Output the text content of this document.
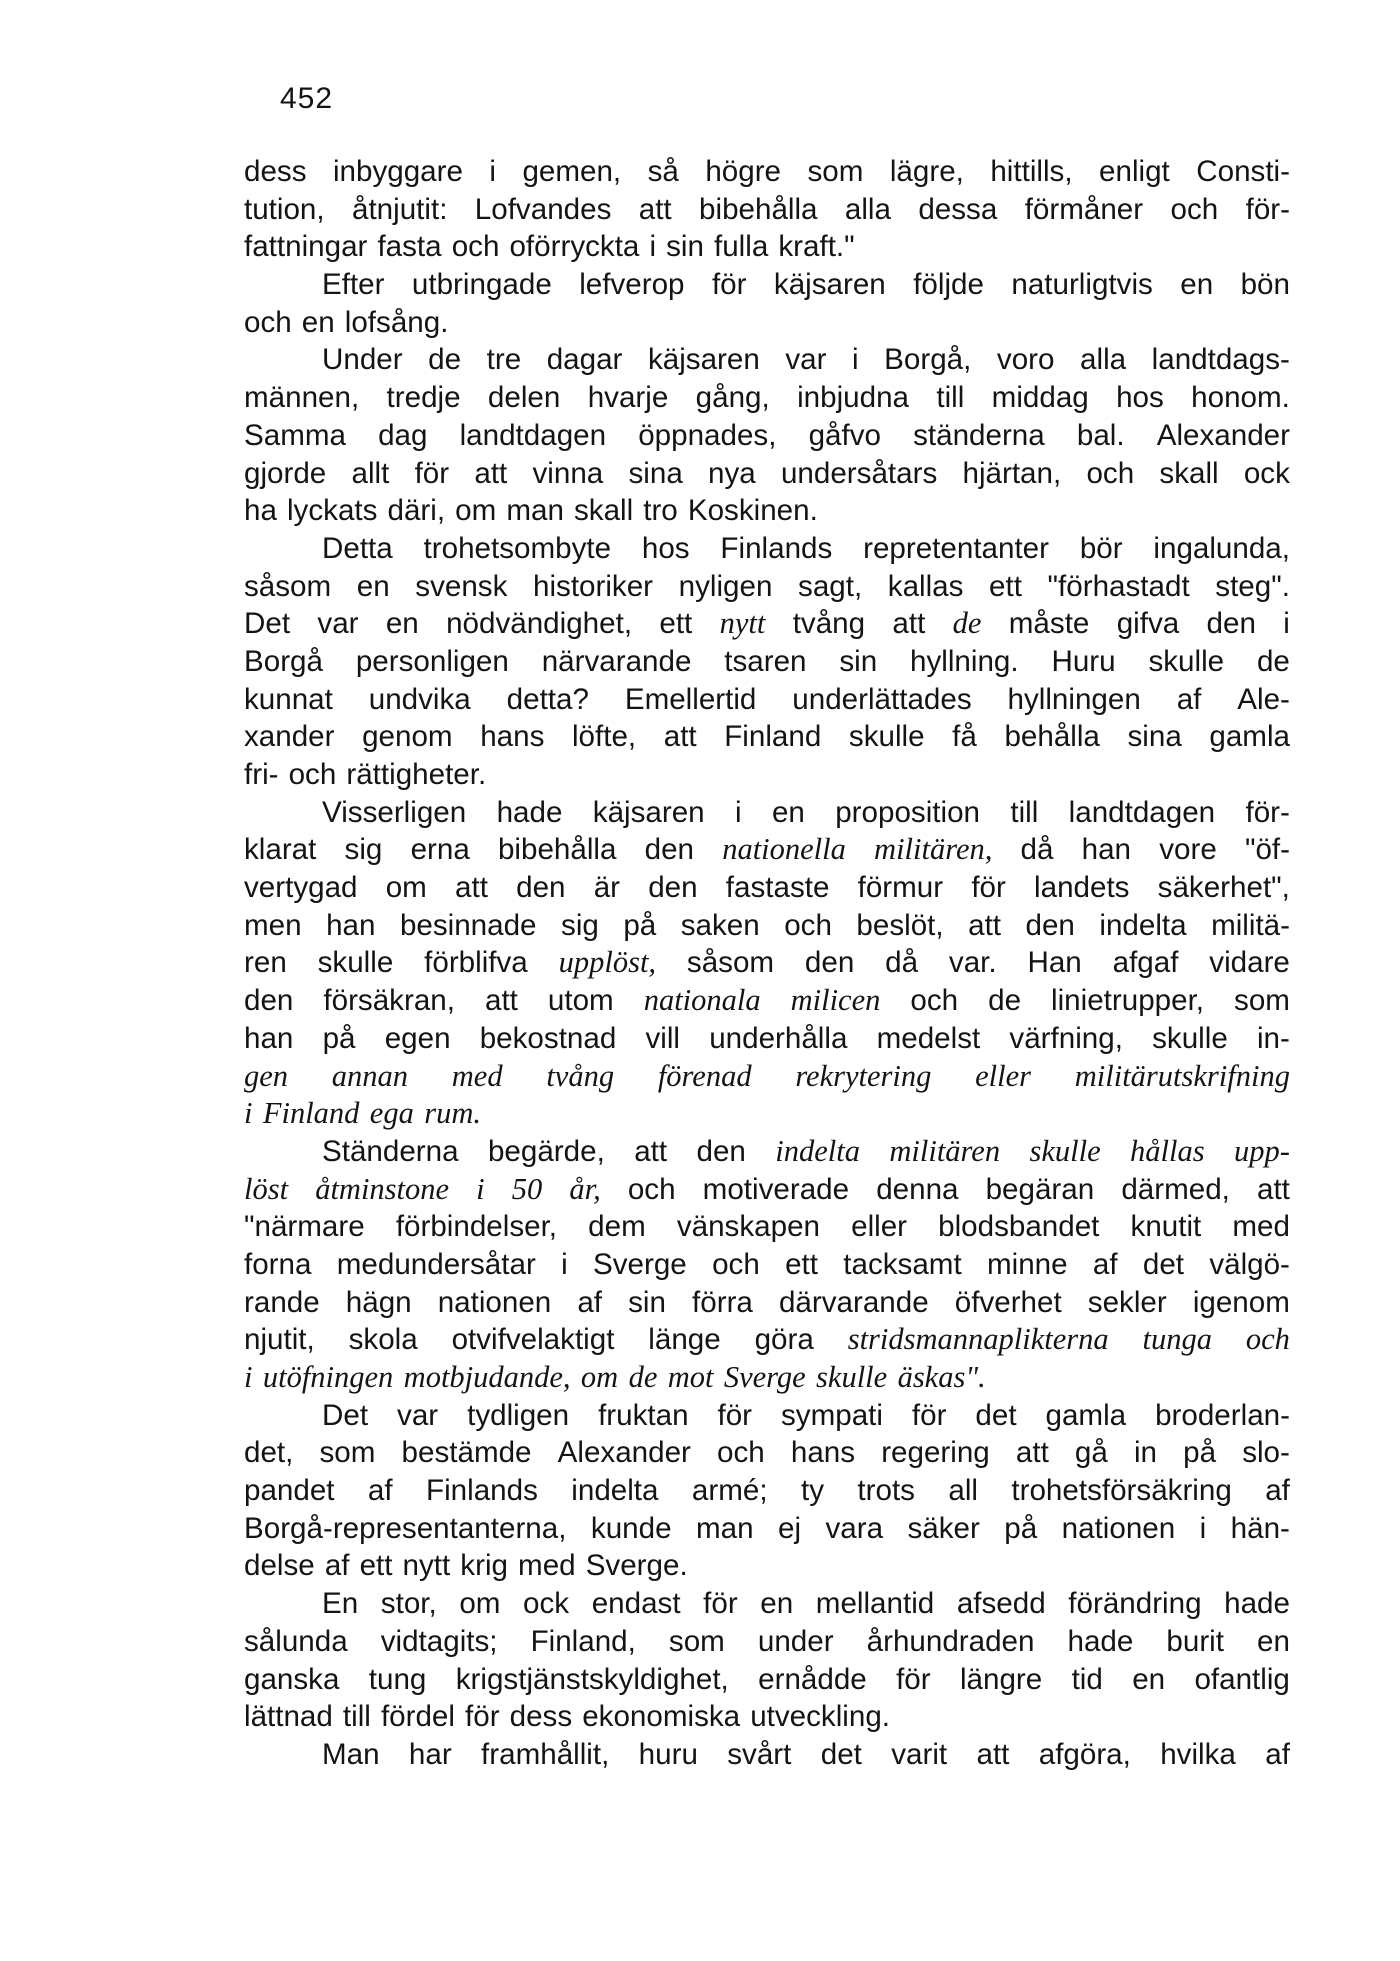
452
dess inbyggare i gemen, så högre som lägre, hittills, enligt Consti-
tution, åtnjutit: Lofvandes att bibehålla alla dessa förmåner och för-
fattningar fasta och oförryckta i sin fulla kraft."
Efter utbringade lefverop för käjsaren följde naturligtvis en bön
och en lofsång.
Under de tre dagar käjsaren var i Borgå, voro alla landtdags-
männen, tredje delen hvarje gång, inbjudna till middag hos honom.
Samma dag landtdagen öppnades, gåfvo ständerna bal. Alexander
gjorde allt för att vinna sina nya undersåtars hjärtan, och skall ock
ha lyckats däri, om man skall tro Koskinen.
Detta trohetsombyte hos Finlands repretentanter bör ingalunda,
såsom en svensk historiker nyligen sagt, kallas ett "förhastadt steg".
Det var en nödvändighet, ett nytt tvång att de måste gifva den i
Borgå personligen närvarande tsaren sin hyllning. Huru skulle de
kunnat undvika detta? Emellertid underlättades hyllningen af Ale-
xander genom hans löfte, att Finland skulle få behålla sina gamla
fri- och rättigheter.
Visserligen hade käjsaren i en proposition till landtdagen för-
klarat sig erna bibehålla den nationella militären, då han vore "öf-
vertygad om att den är den fastaste förmur för landets säkerhet",
men han besinnade sig på saken och beslöt, att den indelta militä-
ren skulle förblifva upplöst, såsom den då var. Han afgaf vidare
den försäkran, att utom nationala milicen och de linietrupper, som
han på egen bekostnad vill underhålla medelst värfning, skulle in-
gen annan med tvång förenad rekrytering eller militärutskrifning
i Finland ega rum.
Ständerna begärde, att den indelta militären skulle hållas upp-
löst åtminstone i 50 år, och motiverade denna begäran därmed, att
"närmare förbindelser, dem vänskapen eller blodsbandet knutit med
forna medundersåtar i Sverge och ett tacksamt minne af det välgö-
rande hägn nationen af sin förra därvarande öfverhet sekler igenom
njutit, skola otvifvelaktigt länge göra stridsmannaplikterna tunga och
i utöfningen motbjudande, om de mot Sverge skulle äskas".
Det var tydligen fruktan för sympati för det gamla broderlan-
det, som bestämde Alexander och hans regering att gå in på slo-
pandet af Finlands indelta armé; ty trots all trohetsförsäkring af
Borgå-representanterna, kunde man ej vara säker på nationen i hän-
delse af ett nytt krig med Sverge.
En stor, om ock endast för en mellantid afsedd förändring hade
sålunda vidtagits; Finland, som under århundraden hade burit en
ganska tung krigstjänstskyldighet, ernådde för längre tid en ofantlig
lättnad till fördel för dess ekonomiska utveckling.
Man har framhållit, huru svårt det varit att afgöra, hvilka af
